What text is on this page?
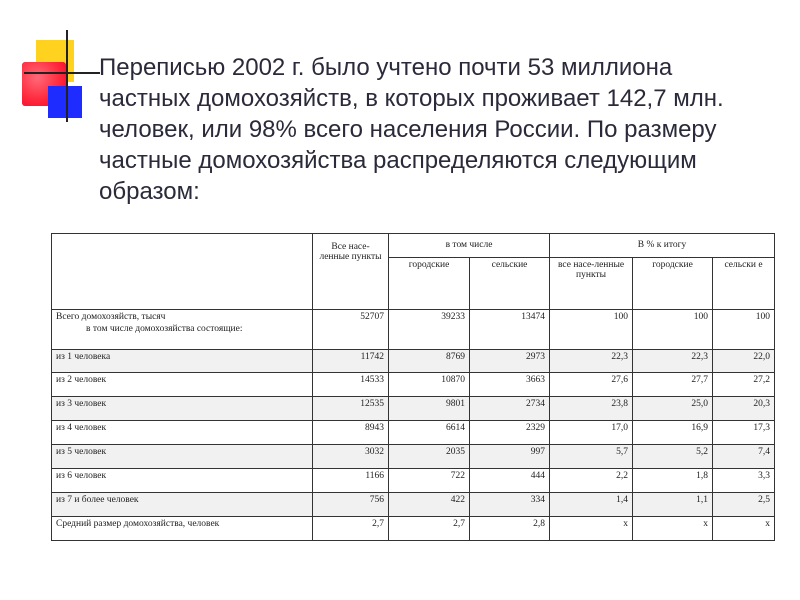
Переписью 2002 г. было учтено почти 53 миллиона частных домохозяйств, в которых проживает 142,7 млн. человек, или 98% всего населения России. По размеру частные домохозяйства распределяются следующим образом:
	Все насе-ленные пункты	в том числе		В % к итогу		
		городские	сельские	все насе-ленные пункты	городские	сельски е
Всего домохозяйств, тысяч
в том числе домохозяйства состоящие:	52707	39233	13474	100	100	100
из 1 человека	11742	8769	2973	22,3	22,3	22,0
из 2 человек	14533	10870	3663	27,6	27,7	27,2
из 3 человек	12535	9801	2734	23,8	25,0	20,3
из 4 человек	8943	6614	2329	17,0	16,9	17,3
из 5 человек	3032	2035	997	5,7	5,2	7,4
из 6 человек	1166	722	444	2,2	1,8	3,3
из 7 и более человек	756	422	334	1,4	1,1	2,5
Средний размер домохозяйства, человек	2,7	2,7	2,8	x	x	x
